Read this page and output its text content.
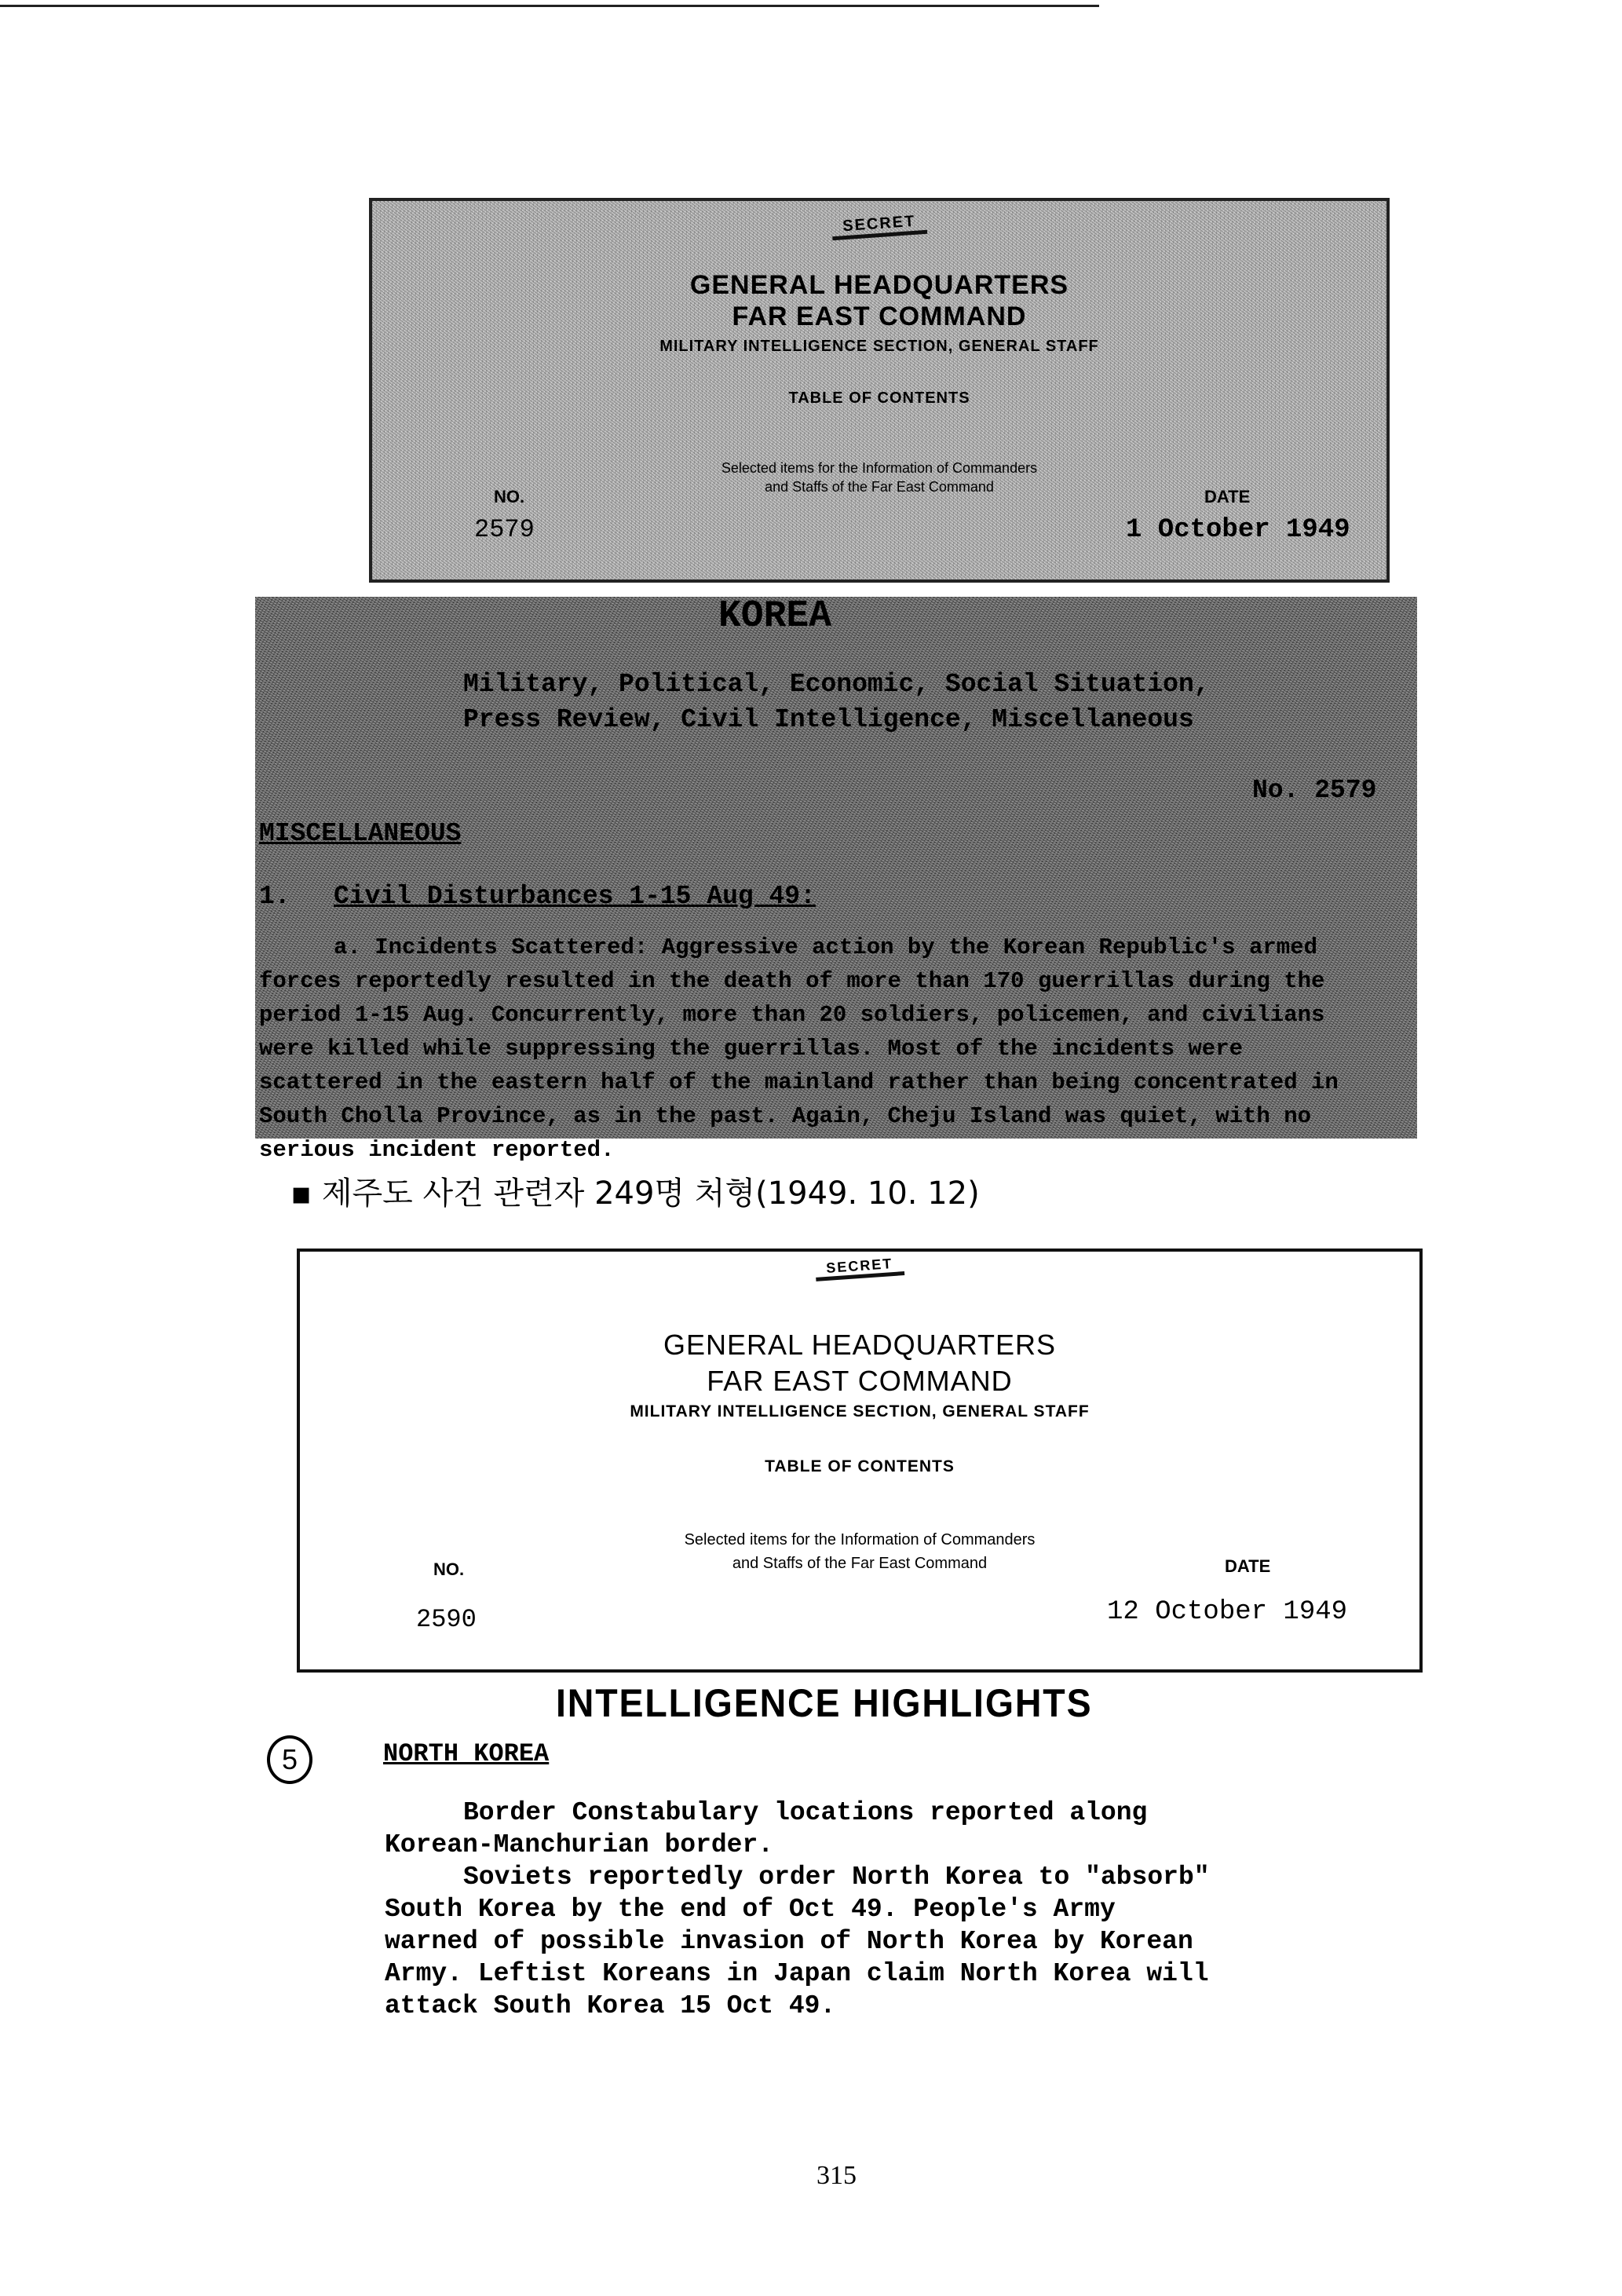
SECRET
GENERAL HEADQUARTERS
FAR EAST COMMAND
MILITARY INTELLIGENCE SECTION, GENERAL STAFF
TABLE OF CONTENTS
Selected items for the Information of Commanders
and Staffs of the Far East Command
NO.
2579
DATE
1 October 1949
KOREA
Military, Political, Economic, Social Situation,
Press Review, Civil Intelligence, Miscellaneous
No. 2579
MISCELLANEOUS
1. Civil Disturbances 1-15 Aug 49:
a. Incidents Scattered: Aggressive action by the Korean Republic's armed
forces reportedly resulted in the death of more than 170 guerrillas during the
period 1-15 Aug. Concurrently, more than 20 soldiers, policemen, and civilians
were killed while suppressing the guerrillas. Most of the incidents were
scattered in the eastern half of the mainland rather than being concentrated in
South Cholla Province, as in the past. Again, Cheju Island was quiet, with no
serious incident reported.
▪ 제주도 사건 관련자 249명 처형(1949. 10. 12)
SECRET
GENERAL HEADQUARTERS
FAR EAST COMMAND
MILITARY INTELLIGENCE SECTION, GENERAL STAFF
TABLE OF CONTENTS
Selected items for the Information of Commanders
and Staffs of the Far East Command
NO.
2590
DATE
12 October 1949
INTELLIGENCE HIGHLIGHTS
5	NORTH KOREA

Border Constabulary locations reported along

Korean-Manchurian border.

Soviets reportedly order North Korea to "absorb"

South Korea by the end of Oct 49. People's Army

warned of possible invasion of North Korea by Korean

Army. Leftist Koreans in Japan claim North Korea will

attack South Korea 15 Oct 49.

315
